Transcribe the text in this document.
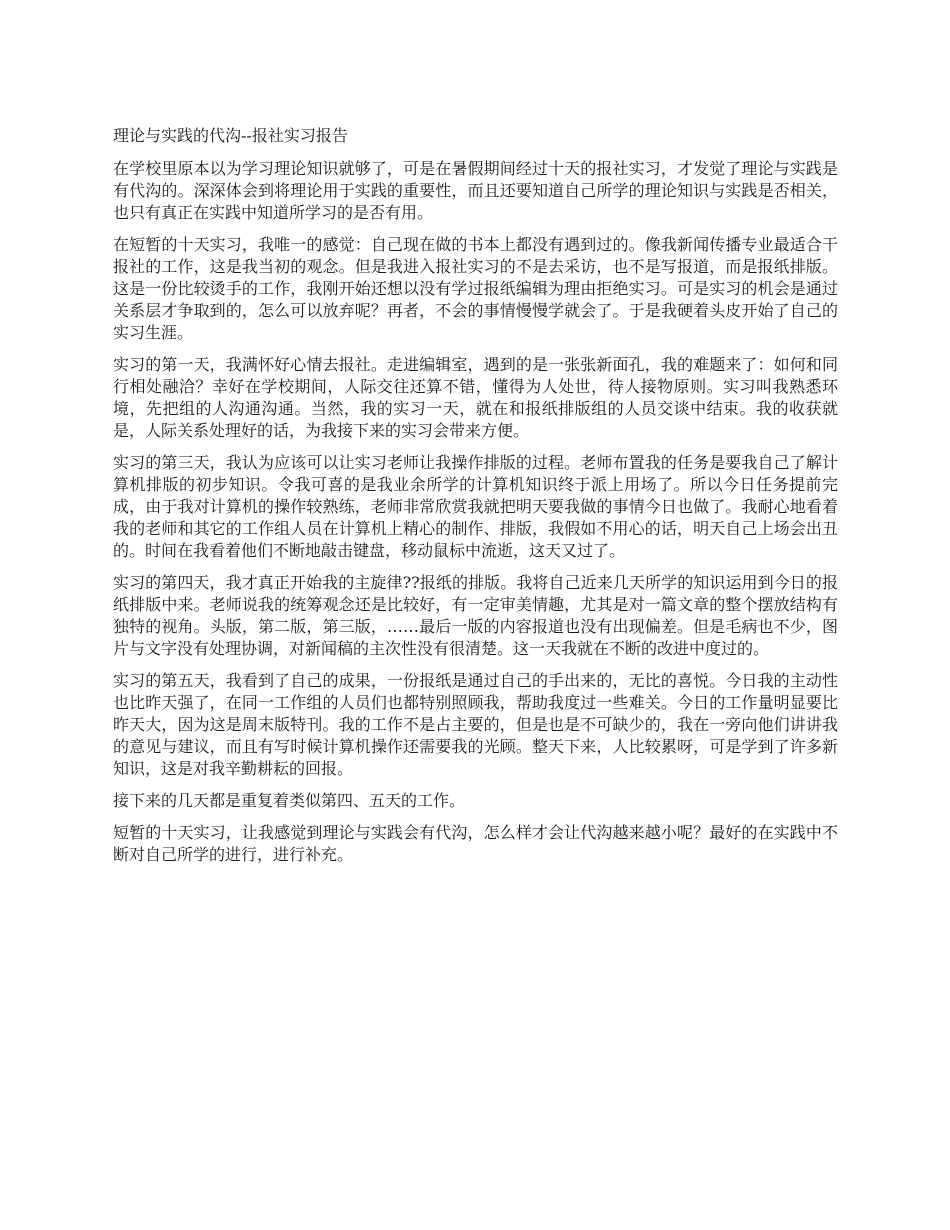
理论与实践的代沟--报社实习报告

在学校里原本以为学习理论知识就够了，可是在暑假期间经过十天的报社实习，才发觉了理论与实践是有代沟的。深深体会到将理论用于实践的重要性，而且还要知道自己所学的理论知识与实践是否相关，也只有真正在实践中知道所学习的是否有用。

在短暂的十天实习，我唯一的感觉：自己现在做的书本上都没有遇到过的。像我新闻传播专业最适合干报社的工作，这是我当初的观念。但是我进入报社实习的不是去采访，也不是写报道，而是报纸排版。这是一份比较烫手的工作，我刚开始还想以没有学过报纸编辑为理由拒绝实习。可是实习的机会是通过关系层才争取到的，怎么可以放弃呢？再者，不会的事情慢慢学就会了。于是我硬着头皮开始了自己的实习生涯。

实习的第一天，我满怀好心情去报社。走进编辑室，遇到的是一张张新面孔，我的难题来了：如何和同行相处融洽？幸好在学校期间，人际交往还算不错，懂得为人处世，待人接物原则。实习叫我熟悉环境，先把组的人沟通沟通。当然，我的实习一天，就在和报纸排版组的人员交谈中结束。我的收获就是，人际关系处理好的话，为我接下来的实习会带来方便。

实习的第三天，我认为应该可以让实习老师让我操作排版的过程。老师布置我的任务是要我自己了解计算机排版的初步知识。令我可喜的是我业余所学的计算机知识终于派上用场了。所以今日任务提前完成，由于我对计算机的操作较熟练，老师非常欣赏我就把明天要我做的事情今日也做了。我耐心地看着我的老师和其它的工作组人员在计算机上精心的制作、排版，我假如不用心的话，明天自己上场会出丑的。时间在我看着他们不断地敲击键盘，移动鼠标中流逝，这天又过了。

实习的第四天，我才真正开始我的主旋律??报纸的排版。我将自己近来几天所学的知识运用到今日的报纸排版中来。老师说我的统筹观念还是比较好，有一定审美情趣，尤其是对一篇文章的整个摆放结构有独特的视角。头版，第二版，第三版，……最后一版的内容报道也没有出现偏差。但是毛病也不少，图片与文字没有处理协调，对新闻稿的主次性没有很清楚。这一天我就在不断的改进中度过的。

实习的第五天，我看到了自己的成果，一份报纸是通过自己的手出来的，无比的喜悦。今日我的主动性也比昨天强了，在同一工作组的人员们也都特别照顾我，帮助我度过一些难关。今日的工作量明显要比昨天大，因为这是周末版特刊。我的工作不是占主要的，但是也是不可缺少的，我在一旁向他们讲讲我的意见与建议，而且有写时候计算机操作还需要我的光顾。整天下来，人比较累呀，可是学到了许多新知识，这是对我辛勤耕耘的回报。

接下来的几天都是重复着类似第四、五天的工作。

短暂的十天实习，让我感觉到理论与实践会有代沟，怎么样才会让代沟越来越小呢？最好的在实践中不断对自己所学的进行，进行补充。
